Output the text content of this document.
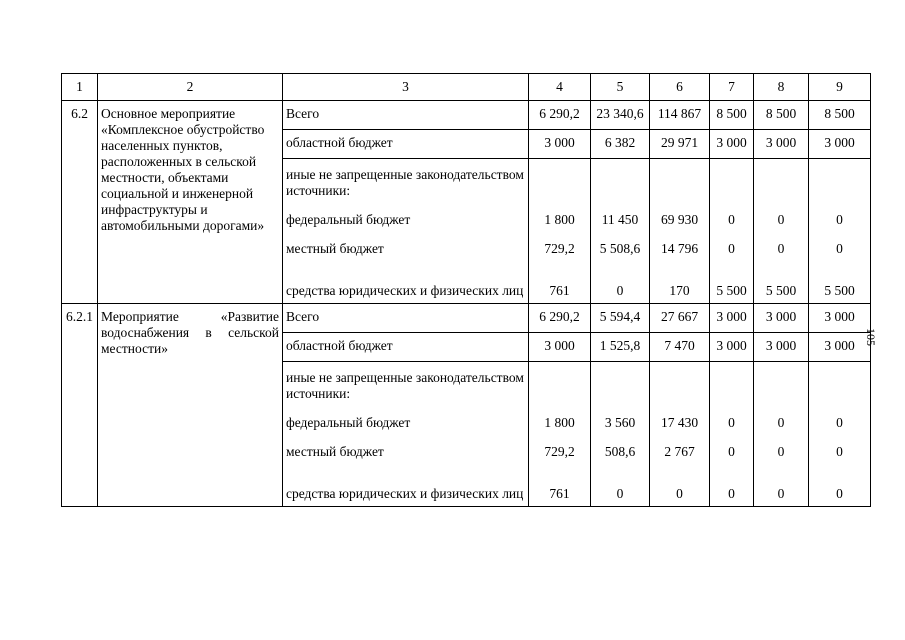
1	2	3	4	5	6	7	8	9
6.2	Основное мероприятие «Комплексное обустройство населенных пунктов, расположенных в сельской местности, объектами социальной и инженерной инфраструктуры и автомобильными дорогами»	Всего	6 290,2	23 340,6	114 867	8 500	8 500	8 500
		областной бюджет	3 000	6 382	29 971	3 000	3 000	3 000
		иные не запрещенные законодательством источники:						
		федеральный бюджет	1 800	11 450	69 930	0	0	0
		местный бюджет	729,2	5 508,6	14 796	0	0	0
		средства юридических и физических лиц	761	0	170	5 500	5 500	5 500
6.2.1	Мероприятие «Развитие водоснабжения в сельской местности»	Всего	6 290,2	5 594,4	27 667	3 000	3 000	3 000
		областной бюджет	3 000	1 525,8	7 470	3 000	3 000	3 000
		иные не запрещенные законодательством источники:						
		федеральный бюджет	1 800	3 560	17 430	0	0	0
		местный бюджет	729,2	508,6	2 767	0	0	0
		средства юридических и физических лиц	761	0	0	0	0	0
105
